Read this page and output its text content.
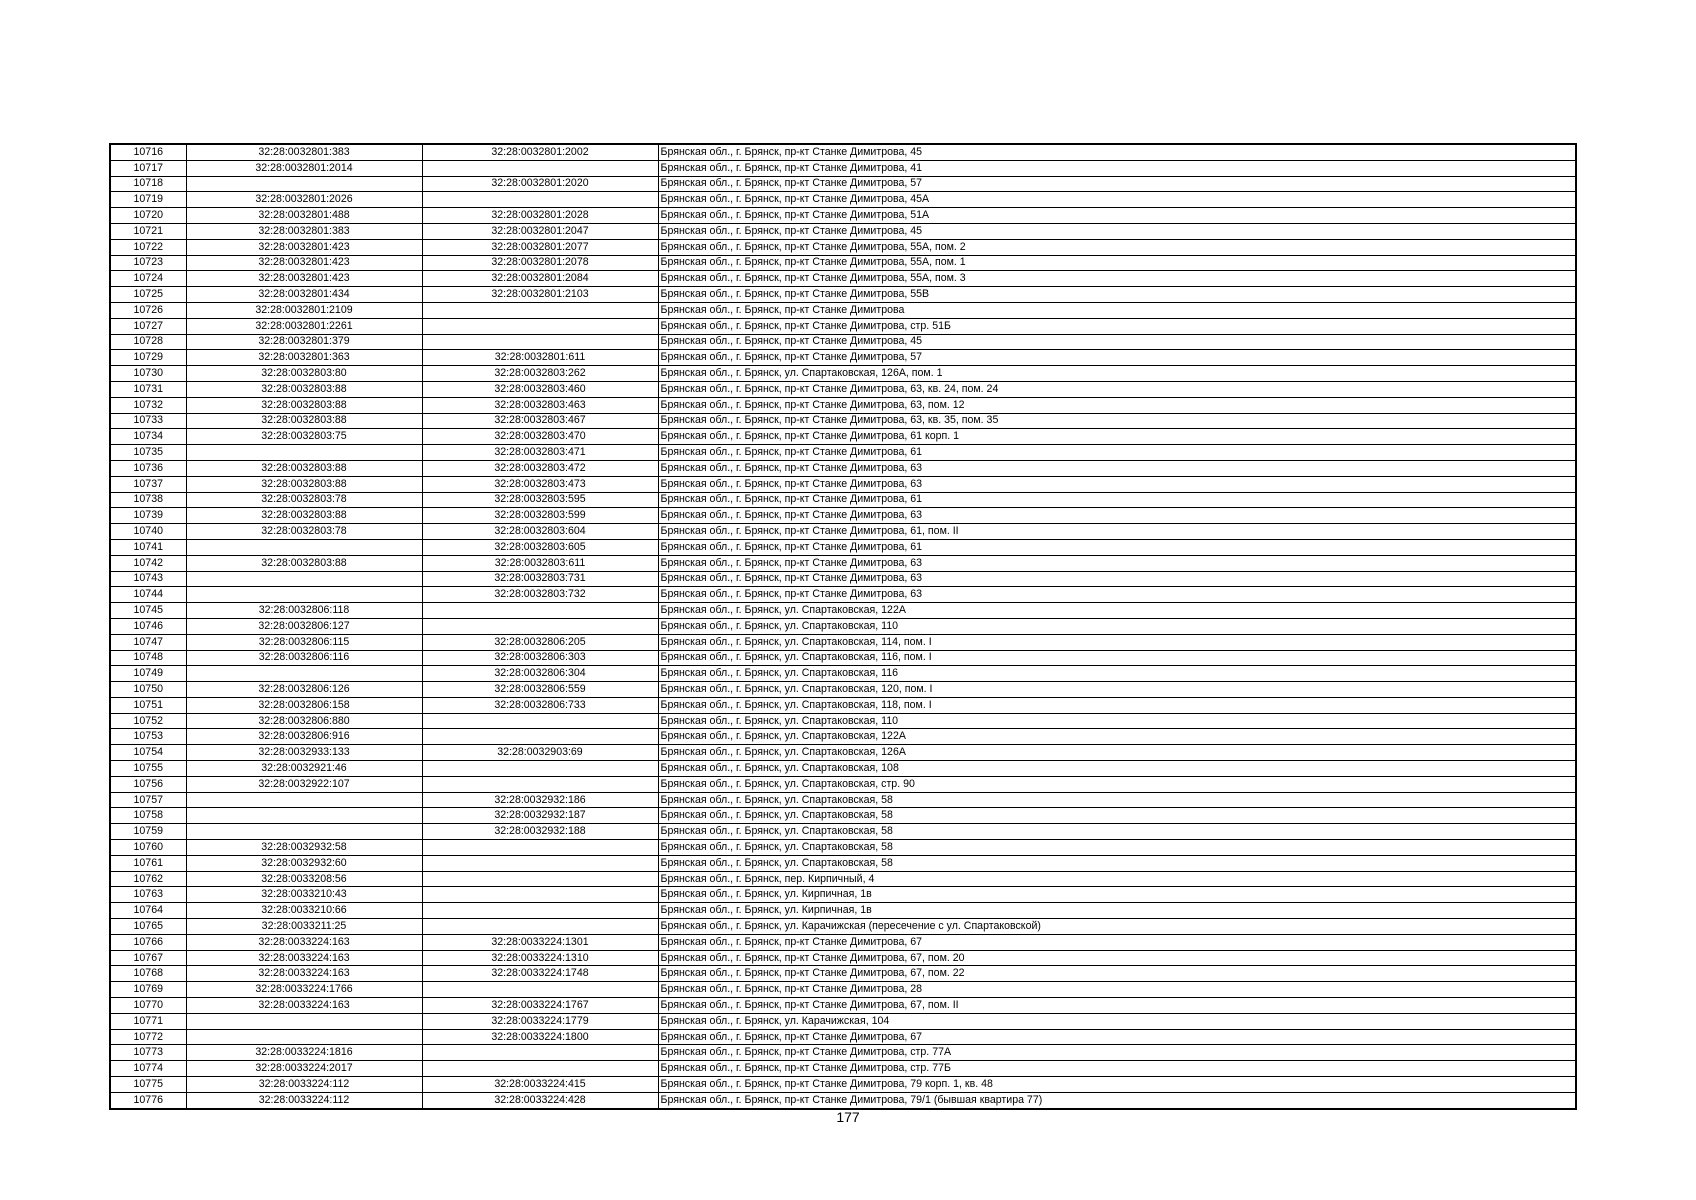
10716	32:28:0032801:383	32:28:0032801:2002	Брянская обл., г. Брянск, пр-кт Станке Димитрова, 45
10717	32:28:0032801:2014		Брянская обл., г. Брянск, пр-кт Станке Димитрова, 41
10718		32:28:0032801:2020	Брянская обл., г. Брянск, пр-кт Станке Димитрова, 57
10719	32:28:0032801:2026		Брянская обл., г. Брянск, пр-кт Станке Димитрова, 45А
10720	32:28:0032801:488	32:28:0032801:2028	Брянская обл., г. Брянск, пр-кт Станке Димитрова, 51А
10721	32:28:0032801:383	32:28:0032801:2047	Брянская обл., г. Брянск, пр-кт Станке Димитрова, 45
10722	32:28:0032801:423	32:28:0032801:2077	Брянская обл., г. Брянск, пр-кт Станке Димитрова, 55А, пом. 2
10723	32:28:0032801:423	32:28:0032801:2078	Брянская обл., г. Брянск, пр-кт Станке Димитрова, 55А, пом. 1
10724	32:28:0032801:423	32:28:0032801:2084	Брянская обл., г. Брянск, пр-кт Станке Димитрова, 55А, пом. 3
10725	32:28:0032801:434	32:28:0032801:2103	Брянская обл., г. Брянск, пр-кт Станке Димитрова, 55В
10726	32:28:0032801:2109		Брянская обл., г. Брянск, пр-кт Станке Димитрова
10727	32:28:0032801:2261		Брянская обл., г. Брянск, пр-кт Станке Димитрова, стр. 51Б
10728	32:28:0032801:379		Брянская обл., г. Брянск, пр-кт Станке Димитрова, 45
10729	32:28:0032801:363	32:28:0032801:611	Брянская обл., г. Брянск, пр-кт Станке Димитрова, 57
10730	32:28:0032803:80	32:28:0032803:262	Брянская обл., г. Брянск, ул. Спартаковская, 126А, пом. 1
10731	32:28:0032803:88	32:28:0032803:460	Брянская обл., г. Брянск, пр-кт Станке Димитрова, 63, кв. 24, пом. 24
10732	32:28:0032803:88	32:28:0032803:463	Брянская обл., г. Брянск, пр-кт Станке Димитрова, 63, пом. 12
10733	32:28:0032803:88	32:28:0032803:467	Брянская обл., г. Брянск, пр-кт Станке Димитрова, 63, кв. 35, пом. 35
10734	32:28:0032803:75	32:28:0032803:470	Брянская обл., г. Брянск, пр-кт Станке Димитрова, 61 корп. 1
10735		32:28:0032803:471	Брянская обл., г. Брянск, пр-кт Станке Димитрова, 61
10736	32:28:0032803:88	32:28:0032803:472	Брянская обл., г. Брянск, пр-кт Станке Димитрова, 63
10737	32:28:0032803:88	32:28:0032803:473	Брянская обл., г. Брянск, пр-кт Станке Димитрова, 63
10738	32:28:0032803:78	32:28:0032803:595	Брянская обл., г. Брянск, пр-кт Станке Димитрова, 61
10739	32:28:0032803:88	32:28:0032803:599	Брянская обл., г. Брянск, пр-кт Станке Димитрова, 63
10740	32:28:0032803:78	32:28:0032803:604	Брянская обл., г. Брянск, пр-кт Станке Димитрова, 61, пом. II
10741		32:28:0032803:605	Брянская обл., г. Брянск, пр-кт Станке Димитрова, 61
10742	32:28:0032803:88	32:28:0032803:611	Брянская обл., г. Брянск, пр-кт Станке Димитрова, 63
10743		32:28:0032803:731	Брянская обл., г. Брянск, пр-кт Станке Димитрова, 63
10744		32:28:0032803:732	Брянская обл., г. Брянск, пр-кт Станке Димитрова, 63
10745	32:28:0032806:118		Брянская обл., г. Брянск, ул. Спартаковская, 122А
10746	32:28:0032806:127		Брянская обл., г. Брянск, ул. Спартаковская, 110
10747	32:28:0032806:115	32:28:0032806:205	Брянская обл., г. Брянск, ул. Спартаковская, 114, пом. I
10748	32:28:0032806:116	32:28:0032806:303	Брянская обл., г. Брянск, ул. Спартаковская, 116, пом. I
10749		32:28:0032806:304	Брянская обл., г. Брянск, ул. Спартаковская, 116
10750	32:28:0032806:126	32:28:0032806:559	Брянская обл., г. Брянск, ул. Спартаковская, 120, пом. I
10751	32:28:0032806:158	32:28:0032806:733	Брянская обл., г. Брянск, ул. Спартаковская, 118, пом. I
10752	32:28:0032806:880		Брянская обл., г. Брянск, ул. Спартаковская, 110
10753	32:28:0032806:916		Брянская обл., г. Брянск, ул. Спартаковская, 122А
10754	32:28:0032933:133	32:28:0032903:69	Брянская обл., г. Брянск, ул. Спартаковская, 126А
10755	32:28:0032921:46		Брянская обл., г. Брянск, ул. Спартаковская, 108
10756	32:28:0032922:107		Брянская обл., г. Брянск, ул. Спартаковская, стр. 90
10757		32:28:0032932:186	Брянская обл., г. Брянск, ул. Спартаковская, 58
10758		32:28:0032932:187	Брянская обл., г. Брянск, ул. Спартаковская, 58
10759		32:28:0032932:188	Брянская обл., г. Брянск, ул. Спартаковская, 58
10760	32:28:0032932:58		Брянская обл., г. Брянск, ул. Спартаковская, 58
10761	32:28:0032932:60		Брянская обл., г. Брянск, ул. Спартаковская, 58
10762	32:28:0033208:56		Брянская обл., г. Брянск, пер. Кирпичный, 4
10763	32:28:0033210:43		Брянская обл., г. Брянск, ул. Кирпичная, 1в
10764	32:28:0033210:66		Брянская обл., г. Брянск, ул. Кирпичная, 1в
10765	32:28:0033211:25		Брянская обл., г. Брянск, ул. Карачижская (пересечение с ул. Спартаковской)
10766	32:28:0033224:163	32:28:0033224:1301	Брянская обл., г. Брянск, пр-кт Станке Димитрова, 67
10767	32:28:0033224:163	32:28:0033224:1310	Брянская обл., г. Брянск, пр-кт Станке Димитрова, 67, пом. 20
10768	32:28:0033224:163	32:28:0033224:1748	Брянская обл., г. Брянск, пр-кт Станке Димитрова, 67, пом. 22
10769	32:28:0033224:1766		Брянская обл., г. Брянск, пр-кт Станке Димитрова, 28
10770	32:28:0033224:163	32:28:0033224:1767	Брянская обл., г. Брянск, пр-кт Станке Димитрова, 67, пом. II
10771		32:28:0033224:1779	Брянская обл., г. Брянск, ул. Карачижская, 104
10772		32:28:0033224:1800	Брянская обл., г. Брянск, пр-кт Станке Димитрова, 67
10773	32:28:0033224:1816		Брянская обл., г. Брянск, пр-кт Станке Димитрова, стр. 77А
10774	32:28:0033224:2017		Брянская обл., г. Брянск, пр-кт Станке Димитрова, стр. 77Б
10775	32:28:0033224:112	32:28:0033224:415	Брянская обл., г. Брянск, пр-кт Станке Димитрова, 79 корп. 1, кв. 48
10776	32:28:0033224:112	32:28:0033224:428	Брянская обл., г. Брянск, пр-кт Станке Димитрова, 79/1 (бывшая квартира 77)
177
